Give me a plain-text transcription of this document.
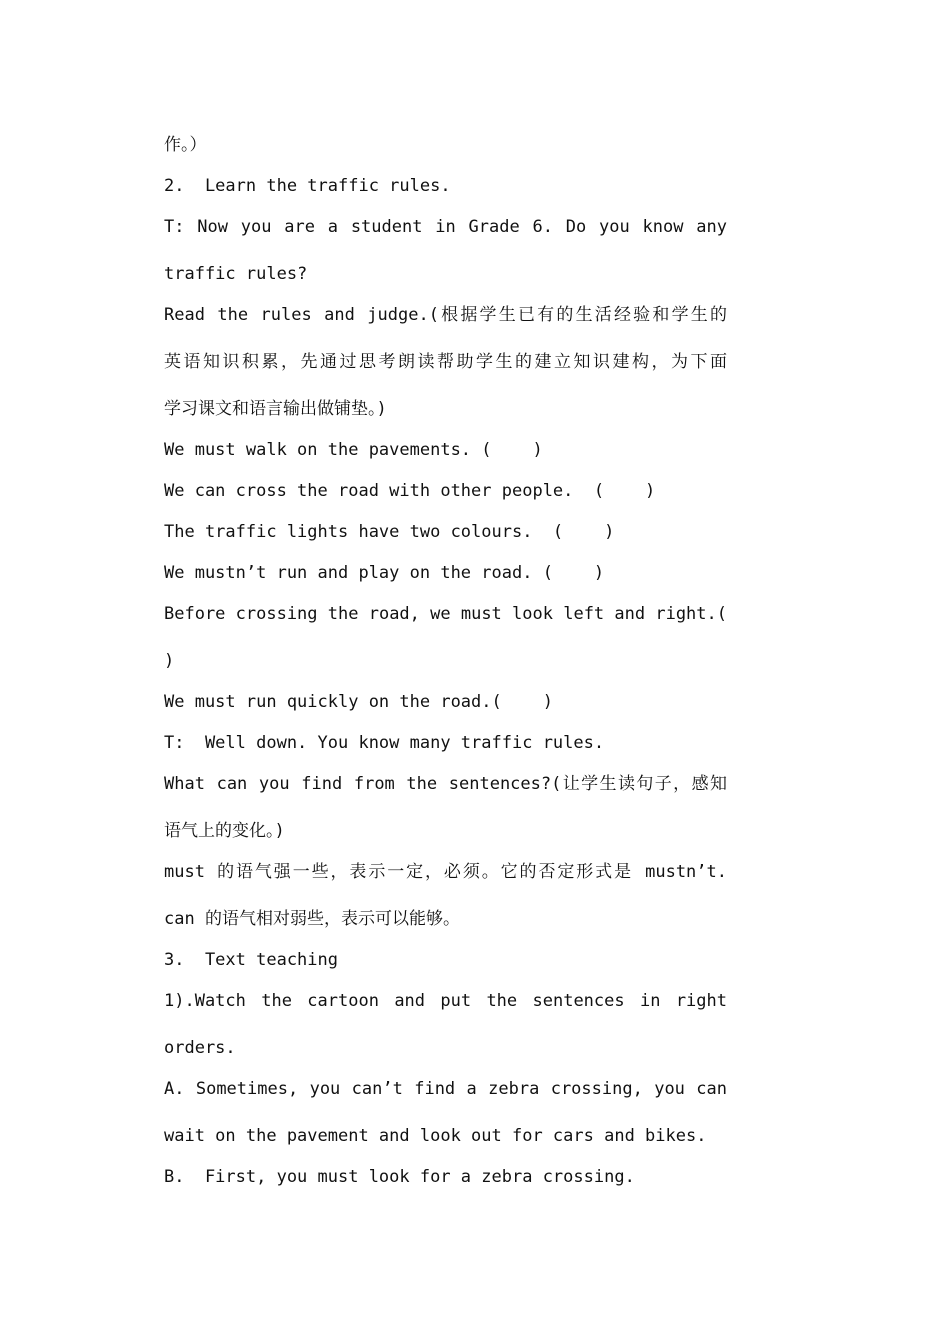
作。）
2.  Learn the traffic rules.
T: Now you are a student in Grade 6. Do you know any
traffic rules?
Read the rules and judge.(根据学生已有的生活经验和学生的
英语知识积累，先通过思考朗读帮助学生的建立知识建构，为下面
学习课文和语言输出做铺垫。)
We must walk on the pavements. (    )
We can cross the road with other people.  (    )
The traffic lights have two colours.  (    )
We mustn’t run and play on the road. (    )
Before crossing the road, we must look left and right.(
)
We must run quickly on the road.(    )
T:  Well down. You know many traffic rules.
What can you find from the sentences?(让学生读句子，感知
语气上的变化。)
must 的语气强一些，表示一定，必须。它的否定形式是 mustn’t.
can 的语气相对弱些，表示可以能够。
3.  Text teaching
1).Watch the cartoon and put the sentences in right
orders.
A. Sometimes, you can’t find a zebra crossing, you can
wait on the pavement and look out for cars and bikes.
B.  First, you must look for a zebra crossing.
